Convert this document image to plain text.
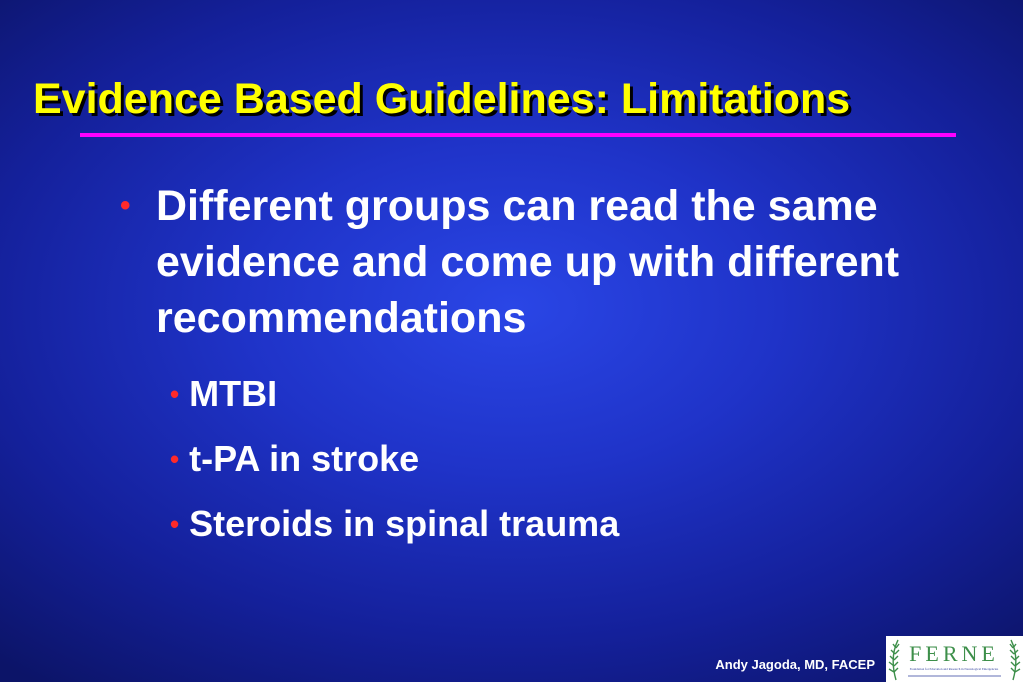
Evidence Based Guidelines: Limitations
• Different groups can read the same evidence and come up with different recommendations
• MTBI
• t-PA in stroke
• Steroids in spinal trauma
Andy Jagoda, MD, FACEP FERNE
Foundation for Education and Research in Neurological Emergencies
